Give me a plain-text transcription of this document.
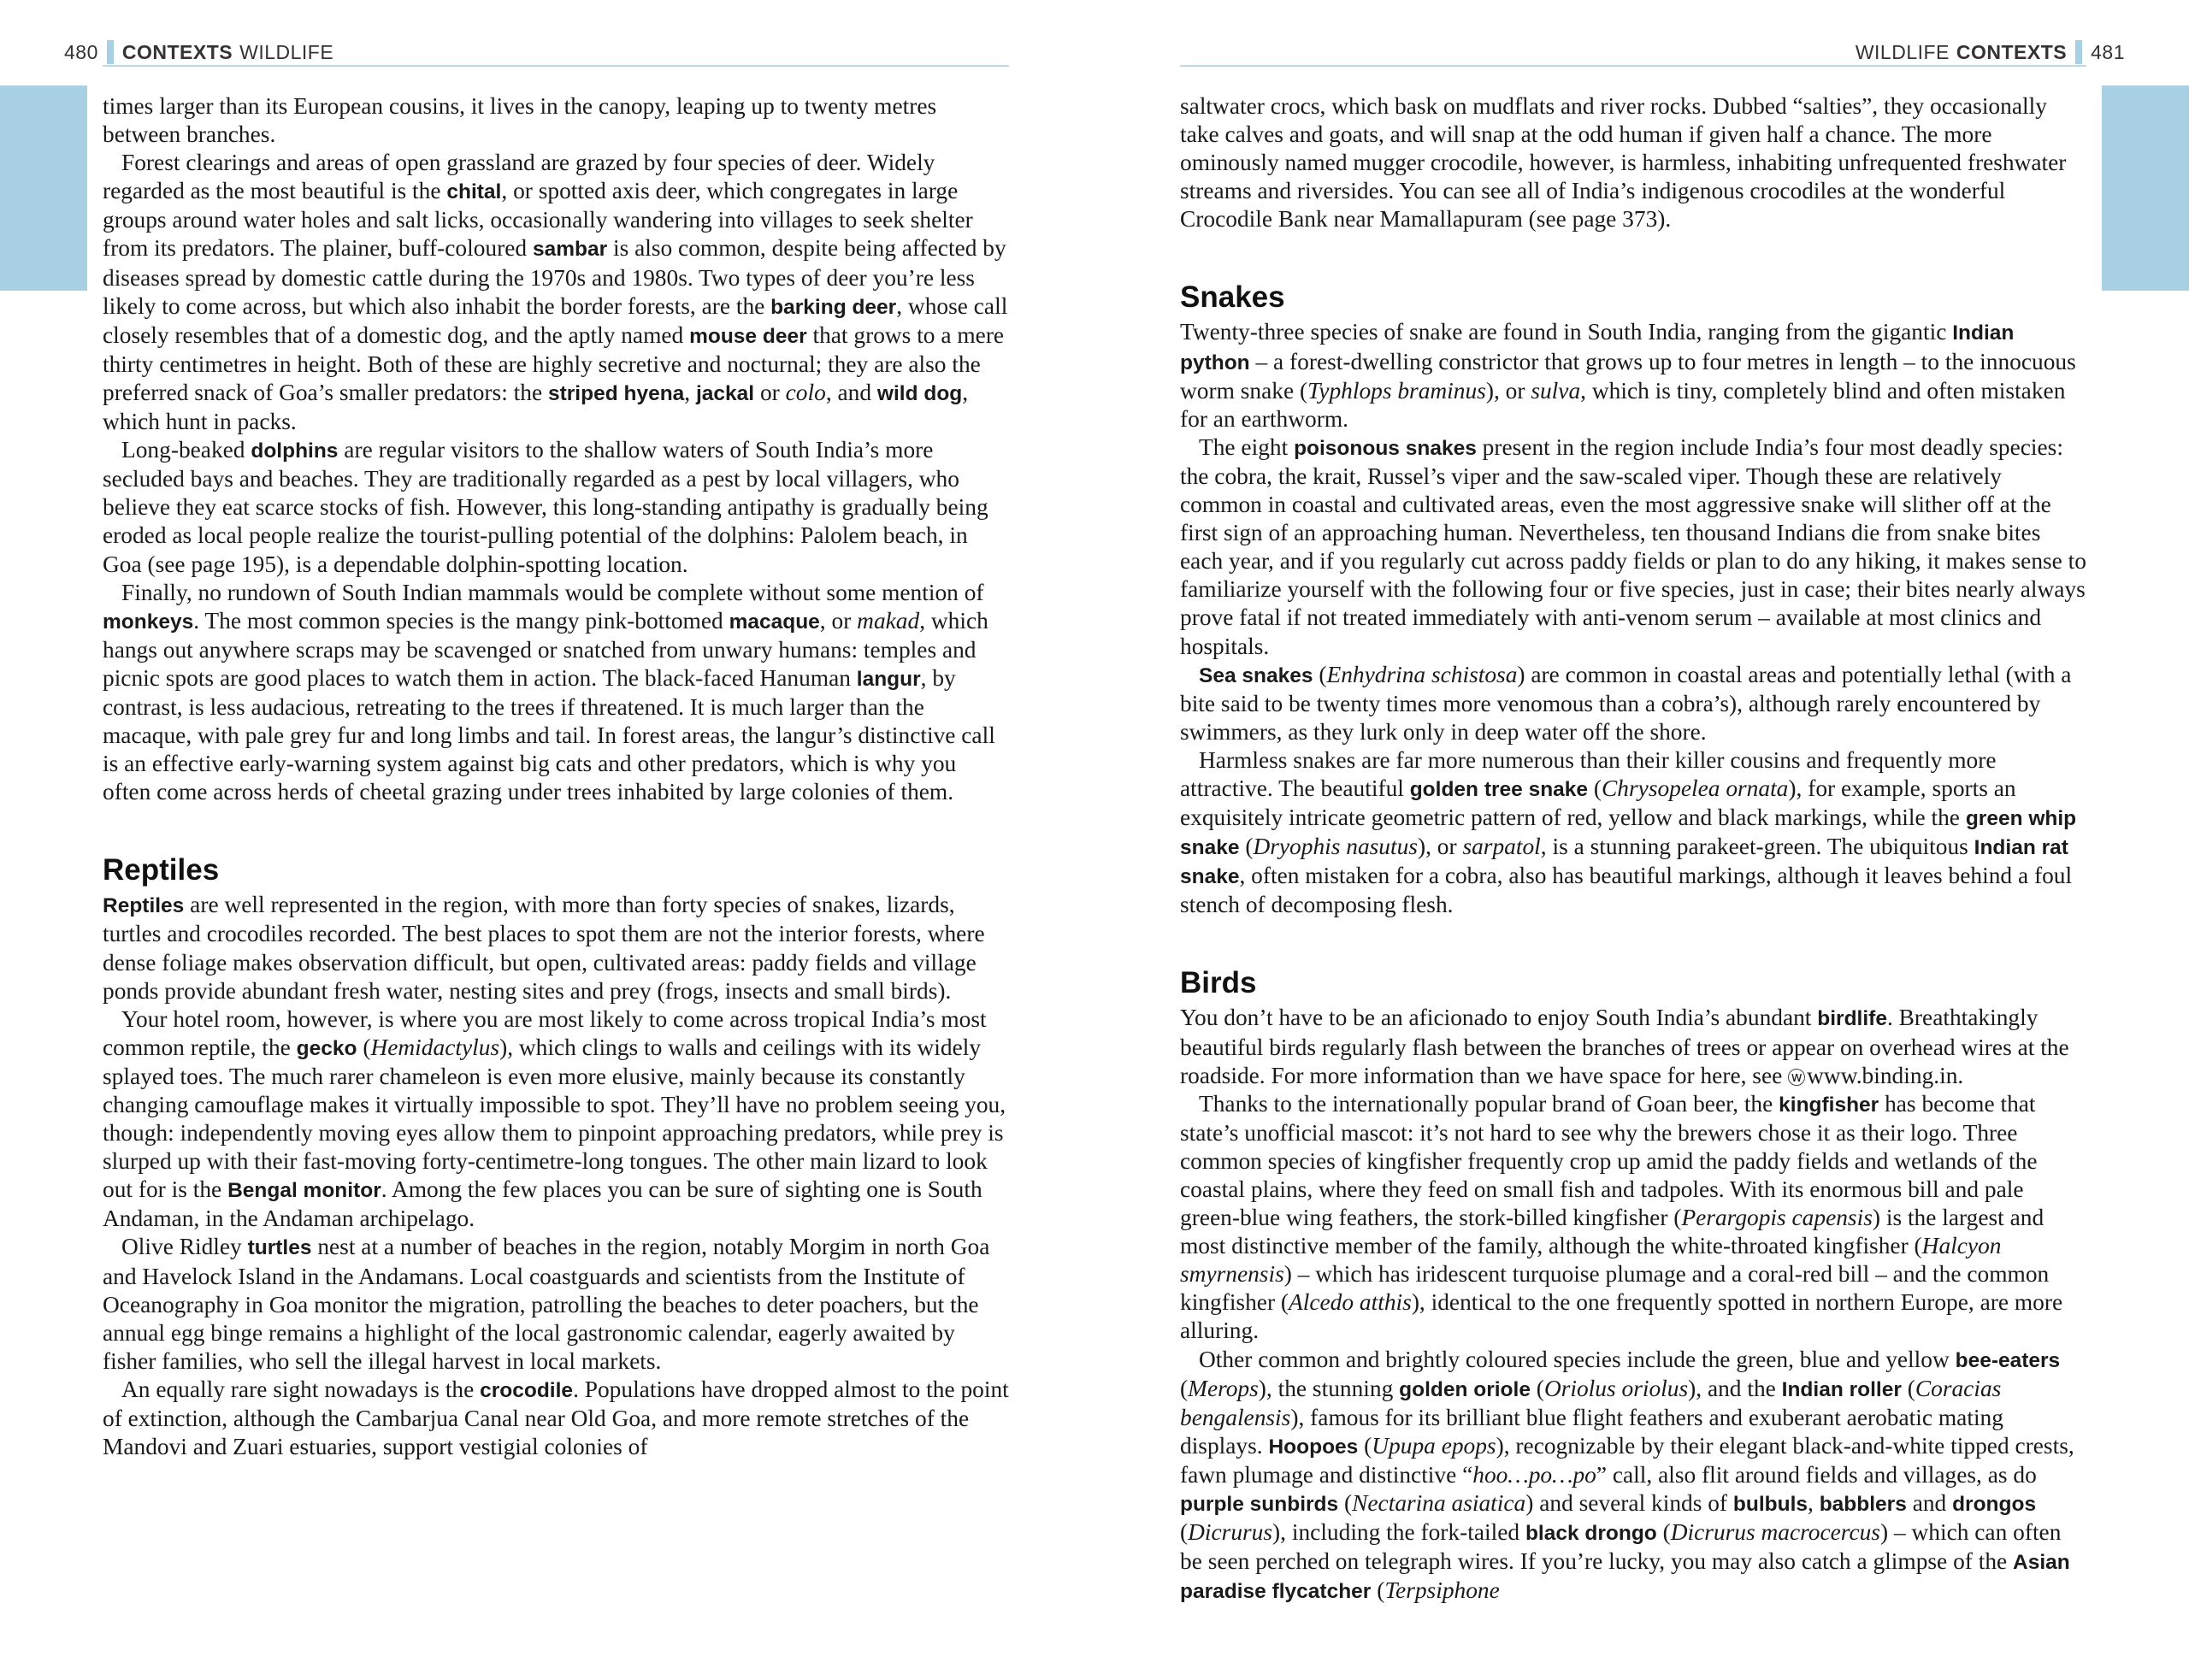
480 CONTEXTS WILDLIFE

times larger than its European cousins, it lives in the canopy, leaping up to twenty metres between branches.

Forest clearings and areas of open grassland are grazed by four species of deer. Widely regarded as the most beautiful is the chital, or spotted axis deer, which congregates in large groups around water holes and salt licks, occasionally wandering into villages to seek shelter from its predators. The plainer, buff-coloured sambar is also common, despite being affected by diseases spread by domestic cattle during the 1970s and 1980s. Two types of deer you’re less likely to come across, but which also inhabit the border forests, are the barking deer, whose call closely resembles that of a domestic dog, and the aptly named mouse deer that grows to a mere thirty centimetres in height. Both of these are highly secretive and nocturnal; they are also the preferred snack of Goa’s smaller predators: the striped hyena, jackal or colo, and wild dog, which hunt in packs.

Long-beaked dolphins are regular visitors to the shallow waters of South India’s more secluded bays and beaches. They are traditionally regarded as a pest by local villagers, who believe they eat scarce stocks of fish. However, this long-standing antipathy is gradually being eroded as local people realize the tourist-pulling potential of the dolphins: Palolem beach, in Goa (see page 195), is a dependable dolphin-spotting location.

Finally, no rundown of South Indian mammals would be complete without some mention of monkeys. The most common species is the mangy pink-bottomed macaque, or makad, which hangs out anywhere scraps may be scavenged or snatched from unwary humans: temples and picnic spots are good places to watch them in action. The black-faced Hanuman langur, by contrast, is less audacious, retreating to the trees if threatened. It is much larger than the macaque, with pale grey fur and long limbs and tail. In forest areas, the langur’s distinctive call is an effective early-warning system against big cats and other predators, which is why you often come across herds of cheetal grazing under trees inhabited by large colonies of them.

Reptiles

Reptiles are well represented in the region, with more than forty species of snakes, lizards, turtles and crocodiles recorded. The best places to spot them are not the interior forests, where dense foliage makes observation difficult, but open, cultivated areas: paddy fields and village ponds provide abundant fresh water, nesting sites and prey (frogs, insects and small birds).

Your hotel room, however, is where you are most likely to come across tropical India’s most common reptile, the gecko (Hemidactylus), which clings to walls and ceilings with its widely splayed toes. The much rarer chameleon is even more elusive, mainly because its constantly changing camouflage makes it virtually impossible to spot. They’ll have no problem seeing you, though: independently moving eyes allow them to pinpoint approaching predators, while prey is slurped up with their fast-moving forty-centimetre-long tongues. The other main lizard to look out for is the Bengal monitor. Among the few places you can be sure of sighting one is South Andaman, in the Andaman archipelago.

Olive Ridley turtles nest at a number of beaches in the region, notably Morgim in north Goa and Havelock Island in the Andamans. Local coastguards and scientists from the Institute of Oceanography in Goa monitor the migration, patrolling the beaches to deter poachers, but the annual egg binge remains a highlight of the local gastronomic calendar, eagerly awaited by fisher families, who sell the illegal harvest in local markets.

An equally rare sight nowadays is the crocodile. Populations have dropped almost to the point of extinction, although the Cambarjua Canal near Old Goa, and more remote stretches of the Mandovi and Zuari estuaries, support vestigial colonies of

WILDLIFE CONTEXTS 481

saltwater crocs, which bask on mudflats and river rocks. Dubbed “salties”, they occasionally take calves and goats, and will snap at the odd human if given half a chance. The more ominously named mugger crocodile, however, is harmless, inhabiting unfrequented freshwater streams and riversides. You can see all of India’s indigenous crocodiles at the wonderful Crocodile Bank near Mamallapuram (see page 373).

Snakes

Twenty-three species of snake are found in South India, ranging from the gigantic Indian python – a forest-dwelling constrictor that grows up to four metres in length – to the innocuous worm snake (Typhlops braminus), or sulva, which is tiny, completely blind and often mistaken for an earthworm.

The eight poisonous snakes present in the region include India’s four most deadly species: the cobra, the krait, Russel’s viper and the saw-scaled viper. Though these are relatively common in coastal and cultivated areas, even the most aggressive snake will slither off at the first sign of an approaching human. Nevertheless, ten thousand Indians die from snake bites each year, and if you regularly cut across paddy fields or plan to do any hiking, it makes sense to familiarize yourself with the following four or five species, just in case; their bites nearly always prove fatal if not treated immediately with anti-venom serum – available at most clinics and hospitals.

Sea snakes (Enhydrina schistosa) are common in coastal areas and potentially lethal (with a bite said to be twenty times more venomous than a cobra’s), although rarely encountered by swimmers, as they lurk only in deep water off the shore.

Harmless snakes are far more numerous than their killer cousins and frequently more attractive. The beautiful golden tree snake (Chrysopelea ornata), for example, sports an exquisitely intricate geometric pattern of red, yellow and black markings, while the green whip snake (Dryophis nasutus), or sarpatol, is a stunning parakeet-green. The ubiquitous Indian rat snake, often mistaken for a cobra, also has beautiful markings, although it leaves behind a foul stench of decomposing flesh.

Birds

You don’t have to be an aficionado to enjoy South India’s abundant birdlife. Breathtakingly beautiful birds regularly flash between the branches of trees or appear on overhead wires at the roadside. For more information than we have space for here, see w www.binding.in.

Thanks to the internationally popular brand of Goan beer, the kingfisher has become that state’s unofficial mascot: it’s not hard to see why the brewers chose it as their logo. Three common species of kingfisher frequently crop up amid the paddy fields and wetlands of the coastal plains, where they feed on small fish and tadpoles. With its enormous bill and pale green-blue wing feathers, the stork-billed kingfisher (Perargopis capensis) is the largest and most distinctive member of the family, although the white-throated kingfisher (Halcyon smyrnensis) – which has iridescent turquoise plumage and a coral-red bill – and the common kingfisher (Alcedo atthis), identical to the one frequently spotted in northern Europe, are more alluring.

Other common and brightly coloured species include the green, blue and yellow bee-eaters (Merops), the stunning golden oriole (Oriolus oriolus), and the Indian roller (Coracias bengalensis), famous for its brilliant blue flight feathers and exuberant aerobatic mating displays. Hoopoes (Upupa epops), recognizable by their elegant black-and-white tipped crests, fawn plumage and distinctive “hoo…po…po” call, also flit around fields and villages, as do purple sunbirds (Nectarina asiatica) and several kinds of bulbuls, babblers and drongos (Dicrurus), including the fork-tailed black drongo (Dicrurus macrocercus) – which can often be seen perched on telegraph wires. If you’re lucky, you may also catch a glimpse of the Asian paradise flycatcher (Terpsiphone
